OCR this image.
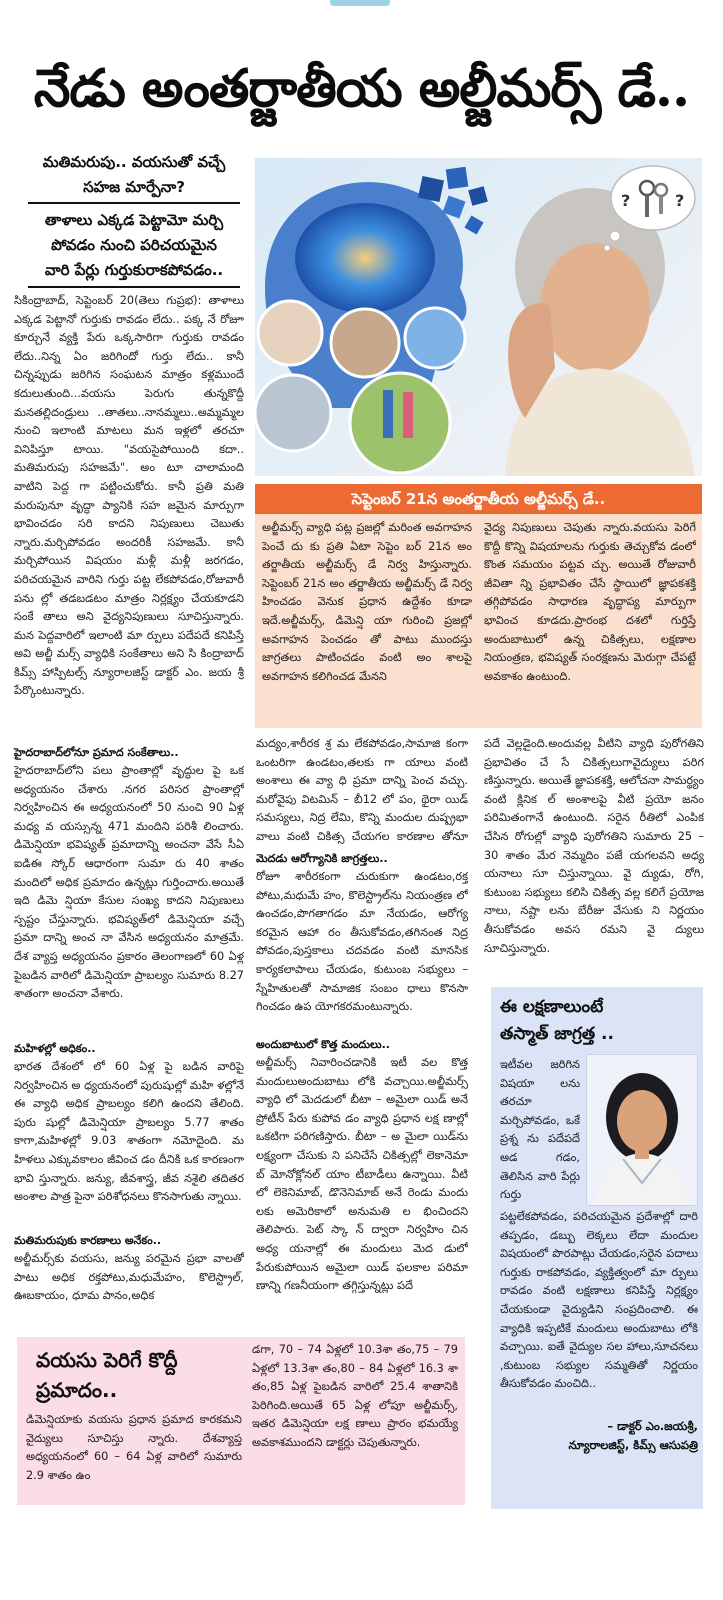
నేడు అంతర్జాతీయ అల్జీమర్స్ డే..
మతిమరుపు.. వయసుతో వచ్చే
సహజ మార్పేనా?
తాళాలు ఎక్కడ పెట్టామో మర్చి
పోవడం నుంచి పరిచయమైన
వారి పేర్లు గుర్తుకురాకపోవడం..
సికింద్రాబాద్, సెప్టెంబర్ 20(తెలు గుప్రభ): తాళాలు ఎక్కడ పెట్టానో గుర్తుకు రావడం లేదు.. పక్క నే రోజూ కూర్చునే వ్యక్తి పేరు ఒక్కసారిగా గుర్తుకు రావడం లేదు..నిన్న ఏం జరిగిందో గుర్తు లేదు.. కానీ చిన్నప్పుడు జరిగిన సంఘటన మాత్రం కళ్లముందే కదులుతుంది...వయసు పెరుగు తున్నకొద్దీ మనతల్లిదండ్రులు ..తాతలు..నానమ్మలు..అమ్మమ్మల నుంచి ఇలాంటి మాటలు మన ఇళ్లలో తరచూ వినిపిస్తూ టాయి. "వయసైపోయింది కదా.. మతిమరుపు సహజమే". అం టూ చాలామంది వాటిని పెద్ద గా పట్టించుకోరు. కానీ ప్రతి మతి మరుపునూ వృద్ధా ప్యానికి సహ జమైన మార్పుగా భావించడం సరి కాదని నిపుణులు చెబుతు న్నారు.మర్చిపోవడం అందరికీ సహజమే. కానీ మర్చిపోయిన విషయం మళ్లీ మళ్లీ జరగడం, పరిచయమైన వారిని గుర్తు పట్ట లేకపోవడం,రోజువారీ పను ల్లో తడబడటం మాత్రం నిర్లక్ష్యం చేయకూడని సంకే తాలు అని వైద్యనిపుణులు సూచిస్తున్నారు. మన పెద్దవారిలో ఇలాంటి మా ర్పులు పదేపదే కనిపిస్తే అవి అల్జీ మర్స్ వ్యాధికి సంకేతాలు అని సి కింద్రాబాద్ కిమ్స్ హాస్పిటల్స్ న్యూరాలజిస్ట్ డాక్టర్ ఎం. జయ శ్రీ పేర్కొంటున్నారు.
హైదరాబాద్‌లోనూ ప్రమాద సంకేతాలు..
హైదరాబాద్‌లోని పలు ప్రాంతాల్లో వృద్ధుల పై ఒక అధ్యయనం చేశారు .నగర పరిసర ప్రాంతాల్లో నిర్వహించిన ఈ అధ్యయనంలో 50 నుంచి 90 ఏళ్ల మధ్య వ యస్సున్న 471 మందిని పరిశీ లించారు. డిమెన్షియా భవిష్యత్ ప్రమాదాన్ని అంచనా వేసే సీఏ ఐడిఈ స్కోర్ ఆధారంగా సుమా రు 40 శాతం మందిలో అధిక ప్రమాదం ఉన్నట్లు గుర్తించారు.అయితే ఇది డిమె న్షియా కేసుల సంఖ్య కాదని నిపుణులు స్పష్టం చేస్తున్నారు. భవిష్యత్‌లో డిమెన్షియా వచ్చే ప్రమా దాన్ని అంచ నా వేసిన అధ్యయనం మాత్రమే. దేశ వ్యాప్త అధ్యయనం ప్రకారం తెలంగాణలో 60 ఏళ్ల పైబడిన వారిలో డిమెన్షియా ప్రాబల్యం సుమారు 8.27 శాతంగా అంచనా వేశారు.
మహిళల్లో అధికం..
భారత దేశంలో లో 60 ఏళ్ల పై బడిన వారిపై నిర్వహించిన అ ధ్యయనంలో పురుషుల్లో మహి ళల్లోనే ఈ వ్యాధి అధిక ప్రాబల్యం కలిగి ఉందని తేలింది. పురు షుల్లో డిమెన్షియా ప్రాబల్యం 5.77 శాతం కాగా,మహిళల్లో 9.03 శాతంగా నమోదైంది. మ హిళలు ఎక్కువకాలం జీవించ డం దీనికి ఒక కారణంగా భావి స్తున్నారు. జన్యు, జీవశాస్త్ర, జీవ నశైలి తదితర అంశాల పాత్ర పైనా పరిశోధనలు కొనసాగుతు న్నాయి.
మతిమరుపుకు కారణాలు అనేకం..
అల్జీమర్స్‌కు వయసు, జన్యు పరమైన ప్రభా వాలతో పాటు అధిక రక్తపోటు,మధుమేహం, కొలెస్ట్రాల్, ఊబకాయం, ధూమ పానం,అధిక
?	?
సెప్టెంబర్ 21న అంతర్జాతీయ అల్జీమర్స్ డే..
అల్జీమర్స్ వ్యాధి పట్ల ప్రజల్లో మరింత అవగాహన పెంచే దు కు ప్రతి ఏటా సెప్టెం బర్ 21న అం తర్జాతీయ అల్జీమర్స్ డే నిర్వ హిస్తున్నారు. సెప్టెంబర్ 21న అం తర్జాతీయ అల్జీమర్స్ డే నిర్వ హించడం వెనుక ప్రధాన ఉద్దేశం కూడా ఇదే.అల్జీమర్స్, డిమెన్షి యా గురించి ప్రజల్లో అవగాహన పెంచడం తో పాటు ముందస్తు జాగ్రతలు పాటించడం వంటి అం శాలపై అవగాహన కలిగించడ మేనని
వైద్య నిపుణులు చెపుతు న్నారు.వయసు పెరిగే కొద్దీ కొన్ని విషయాలను గుర్తుకు తెచ్చుకోవ డంలో కొంత సమయం పట్టవ చ్చు. అయితే రోజువారీ జీవితా న్ని ప్రభావితం చేసే స్థాయిలో జ్ఞాపకశక్తి తగ్గిపోవడం సాధారణ వృద్ధాప్య మార్పుగా భావించ కూడదు.ప్రారంభ దశలో గుర్తిస్తే అందుబాటులో ఉన్న చికిత్సలు, లక్షణాల నియంత్రణ, భవిష్యత్ సంరక్షణను మెరుగ్గా చేపట్టే అవకాశం ఉంటుంది.
మద్యం,శారీరక శ్ర మ లేకపోవడం,సామాజి కంగా ఒంటరిగా ఉండటం,తలకు గా యాలు వంటి అంశాలు ఈ వ్యా ధి ప్రమా దాన్ని పెంచ వచ్చు. మరోవైపు విటమిన్ – బీ12 లో పం, థైరా యిడ్ సమస్యలు, నిద్ర లేమి, కొన్ని మందుల దుష్ప్రభా వాలు వంటి చికిత్స చేయగల కారణాల తోనూ
మెదడు ఆరోగ్యానికి జాగ్రత్తలు..
రోజూ శారీరకంగా చురుకుగా ఉండటం,రక్త పోటు,మధుమే హం, కొలెస్ట్రాల్‌ను నియంత్రణ లో ఉంచడం,పొగతాగడం మా నేయడం, ఆరోగ్య కరమైన ఆహా రం తీసుకోవడం,తగినంత నిద్ర పోవడం,పుస్తకాలు చదవడం వంటి మానసిక కార్యకలాపాలు చేయడం, కుటుంబ సభ్యులు – స్నేహితులతో సామాజిక సంబం ధాలు కొనసా గించడం ఉప యోగకరమంటున్నారు.
అందుబాటులో కొత్త మందులు..
అల్జీమర్స్ నివారించడానికి ఇటీ వల కొత్త మందులుఅందుబాటు లోకి వచ్చాయి.అల్జీమర్స్ వ్యాధి లో మెదడులో బీటా – అమైలా యిడ్ అనే ప్రోటీన్ పేరు కుపోవ డం వ్యాధి ప్రధాన లక్ష ణాల్లో ఒకటిగా పరిగణిస్తారు. బీటా – అ మైలా యిడ్‌ను లక్ష్యంగా చేసుకు ని పనిచేసే చికిత్సల్లో లెకానెమా బ్ మోనోక్లోనల్ యాం టీబాడీలు ఉన్నాయి. వీటి లో లెకెనిమాబ్, డొనెనిమాబ్ అనే రెండు మందు లకు అమెరికాలో అనుమతి ల భించిందని తెలిపారు. పెట్ స్కా న్ ద్వారా నిర్వహిం చిన అధ్య యనాల్లో ఈ మందులు మెద డులో పేరుకుపోయిన అమైలా యిడ్ ఫలకాల పరిమా ణాన్ని గణనీయంగా తగ్గిస్తున్నట్లు పదే
పదే వెల్లడైంది.అందువల్ల వీటిని వ్యాధి పురోగతిని ప్రభావితం చే సే చికిత్సలుగావైద్యులు పరిగ ణిస్తున్నారు. అయితే జ్ఞాపకశక్తి, ఆలోచనా సామర్థ్యం వంటి క్లినిక ల్ అంశాలపై వీటి ప్రయో జనం పరిమితంగానే ఉంటుంది. సరైన రీతిలో ఎంపిక చేసిన రోగుల్లో వ్యాధి పురోగతిని సుమారు 25 – 30 శాతం మేర నెమ్మదిం పజే యగలవని అధ్య యనాలు సూ చిస్తున్నాయి. వై ద్యుడు, రోగి, కుటుంబ సభ్యులు కలిసి చికిత్స వల్ల కలిగే ప్రయోజ నాలు, నష్టా లను బేరీజు వేసుకు ని నిర్ణయం తీసుకోవడం అవస రమని వై ద్యులు సూచిస్తున్నారు.
ఈ లక్షణాలుంటే
తస్మాత్ జాగ్రత్త ..
ఇటీవల జరిగిన విషయా లను తరచూ మర్చిపోవడం, ఒకే ప్రశ్న ను పదేపదే అడ గడం, తెలిసిన వారి పేర్లు గుర్తు
పట్టలేకపోవడం, పరిచయమైన ప్రదేశాల్లో దారి తప్పడం, డబ్బు లెక్కలు లేదా మందుల విషయంలో పొరపాట్లు చేయడం,సరైన పదాలు గుర్తుకు రాకపోవడం, వ్యక్తిత్వంలో మా ర్పులు రావడం వంటి లక్షణాలు కనిపిస్తే నిర్లక్ష్యం చేయకుండా వైద్యుడిని సంప్రదించాలి. ఈ వ్యాధికి ఇప్పటికే మందులు అందుబాటు లోకి వచ్చాయి. ఐతే వైద్యుల సల హాలు,సూచనలు ,కుటుంబ సభ్యుల సమ్మతితో నిర్ణయం తీసుకోవడం మంచిది..
– డాక్టర్ ఎం.జయశ్రీ,
న్యూరాలజిస్ట్, కిమ్స్ ఆసుపత్రి
వయసు పెరిగే కొద్దీ
ప్రమాదం..
డిమెన్షియాకు వయసు ప్రధాన ప్రమాద కారకమని వైద్యులు సూచిస్తు న్నారు. దేశవ్యాప్త అధ్యయనంలో 60 – 64 ఏళ్ల వారిలో సుమారు 2.9 శాతం ఉం
డగా, 70 – 74 ఏళ్లలో 10.3శా తం,75 – 79 ఏళ్లలో 13.3శా తం,80 – 84 ఏళ్లలో 16.3 శా తం,85 ఏళ్ల పైబడిన వారిలో 25.4 శాతానికి పెరిగింది.అయితే 65 ఏళ్ల లోపూ అల్జీమర్స్, ఇతర డిమెన్షియా లక్ష ణాలు ప్రారం భమయ్యే అవకాశముందని డాక్టర్లు చెపుతున్నారు.
